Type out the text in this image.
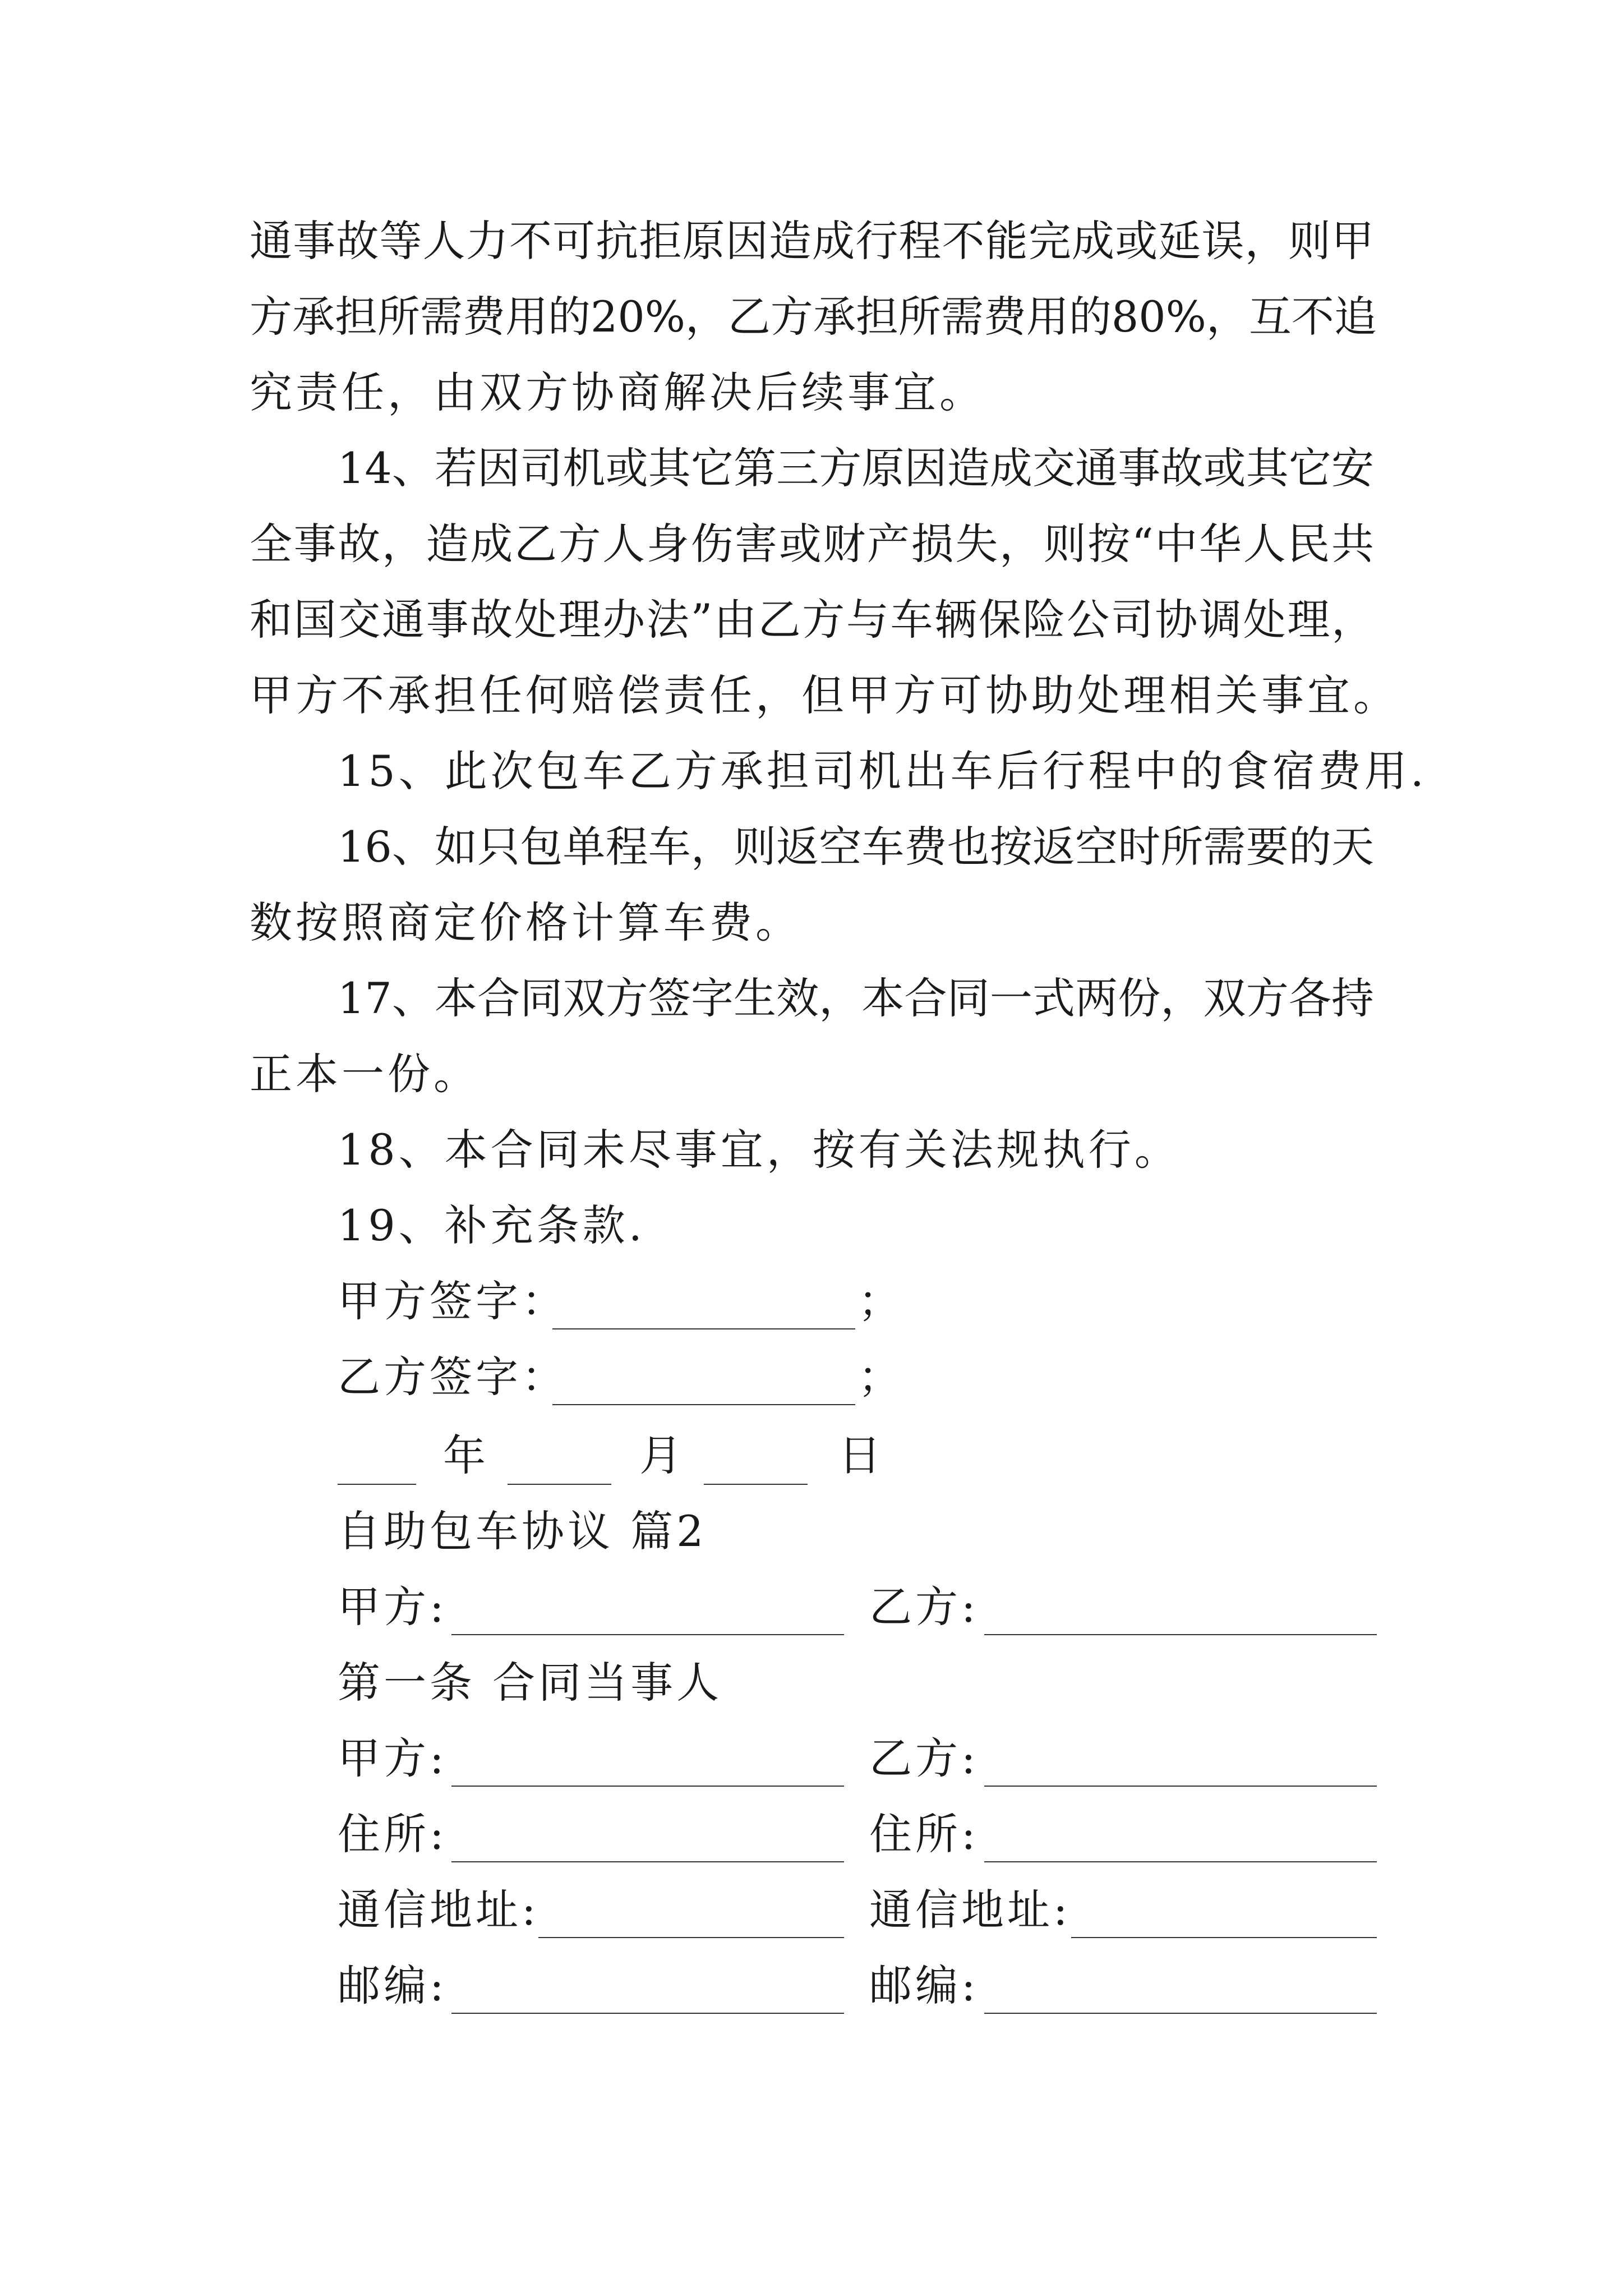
通事故等人力不可抗拒原因造成行程不能完成或延误，则甲
方承担所需费用的20%，乙方承担所需费用的80%，互不追
究责任，由双方协商解决后续事宜。
14、若因司机或其它第三方原因造成交通事故或其它安
全事故，造成乙方人身伤害或财产损失，则按“中华人民共
和国交通事故处理办法”由乙方与车辆保险公司协调处理，
甲方不承担任何赔偿责任，但甲方可协助处理相关事宜。
15、此次包车乙方承担司机出车后行程中的食宿费用.
16、如只包单程车，则返空车费也按返空时所需要的天
数按照商定价格计算车费。
17、本合同双方签字生效，本合同一式两份，双方各持
正本一份。
18、本合同未尽事宜，按有关法规执行。
19、补充条款.
甲方签字：	；
乙方签字：	；
年	月	日
自助包车协议 篇2
甲方:	乙方:
第一条 合同当事人
甲方:	乙方:
住所:	住所:
通信地址:	通信地址:
邮编:	邮编:
